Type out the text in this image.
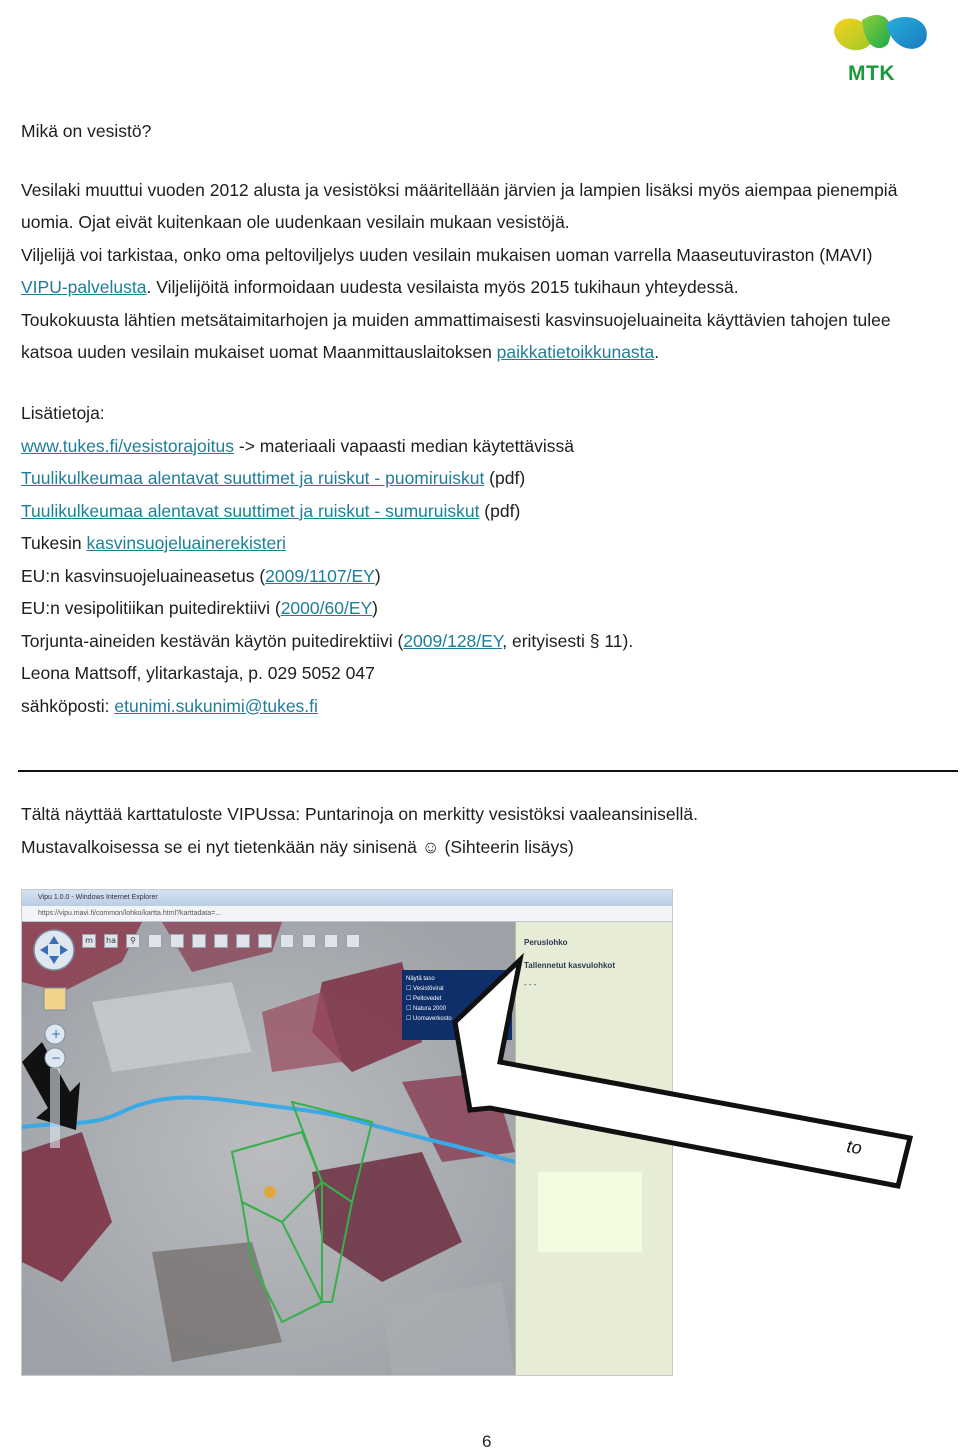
MTK
Mikä on vesistö?
Vesilaki muuttui vuoden 2012 alusta ja vesistöksi määritellään järvien ja lampien lisäksi myös aiempaa pienempiä
uomia. Ojat eivät kuitenkaan ole uudenkaan vesilain mukaan vesistöjä.
Viljelijä voi tarkistaa, onko oma peltoviljelys uuden vesilain mukaisen uoman varrella Maaseutuviraston (MAVI)
VIPU-palvelusta. Viljelijöitä informoidaan uudesta vesilaista myös 2015 tukihaun yhteydessä.
Toukokuusta lähtien metsätaimitarhojen ja muiden ammattimaisesti kasvinsuojeluaineita käyttävien tahojen tulee
katsoa uuden vesilain mukaiset uomat Maanmittauslaitoksen paikkatietoikkunasta.
Lisätietoja:
www.tukes.fi/vesistorajoitus -> materiaali vapaasti median käytettävissä
Tuulikulkeumaa alentavat suuttimet ja ruiskut - puomiruiskut (pdf)
Tuulikulkeumaa alentavat suuttimet ja ruiskut - sumuruiskut (pdf)
Tukesin kasvinsuojeluainerekisteri
EU:n kasvinsuojeluaineasetus (2009/1107/EY)
EU:n vesipolitiikan puitedirektiivi (2000/60/EY)
Torjunta-aineiden kestävän käytön puitedirektiivi (2009/128/EY, erityisesti § 11).
Leona Mattsoff, ylitarkastaja, p. 029 5052 047
sähköposti: etunimi.sukunimi@tukes.fi
Tältä näyttää karttatuloste VIPUssa: Puntarinoja on merkitty vesistöksi vaaleansinisellä.
Mustavalkoisessa se ei nyt tietenkään näy sinisenä ☺ (Sihteerin lisäys)
Vipu 1.0.0 - Windows Internet Explorer
https://vipu.mavi.fi/common/lohko/kartta.html?karttadata=...
+
−
m	ha	⚲
Näytä taso
☐ Vesistövirat
☐ Peltovedet
☐ Natura 2000
☐ Uomaverkosto
Peruslohko
Tallennetut kasvulohkot
- - -
to
6
